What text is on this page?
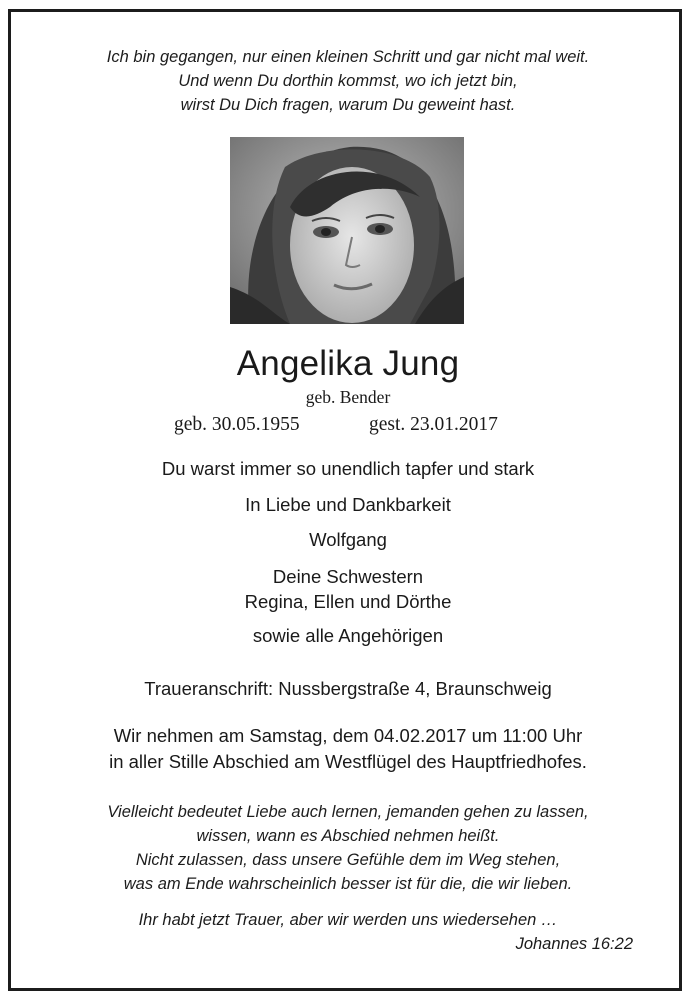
Ich bin gegangen, nur einen kleinen Schritt und gar nicht mal weit.
Und wenn Du dorthin kommst, wo ich jetzt bin,
wirst Du Dich fragen, warum Du geweint hast.
Angelika Jung
geb. Bender
geb. 30.05.1955	gest. 23.01.2017
Du warst immer so unendlich tapfer und stark
In Liebe und Dankbarkeit
Wolfgang
Deine Schwestern
Regina, Ellen und Dörthe
sowie alle Angehörigen
Traueranschrift: Nussbergstraße 4, Braunschweig
Wir nehmen am Samstag, dem 04.02.2017 um 11:00 Uhr
in aller Stille Abschied am Westflügel des Hauptfriedhofes.
Vielleicht bedeutet Liebe auch lernen, jemanden gehen zu lassen,
wissen, wann es Abschied nehmen heißt.
Nicht zulassen, dass unsere Gefühle dem im Weg stehen,
was am Ende wahrscheinlich besser ist für die, die wir lieben.
Ihr habt jetzt Trauer, aber wir werden uns wiedersehen …
Johannes 16:22
